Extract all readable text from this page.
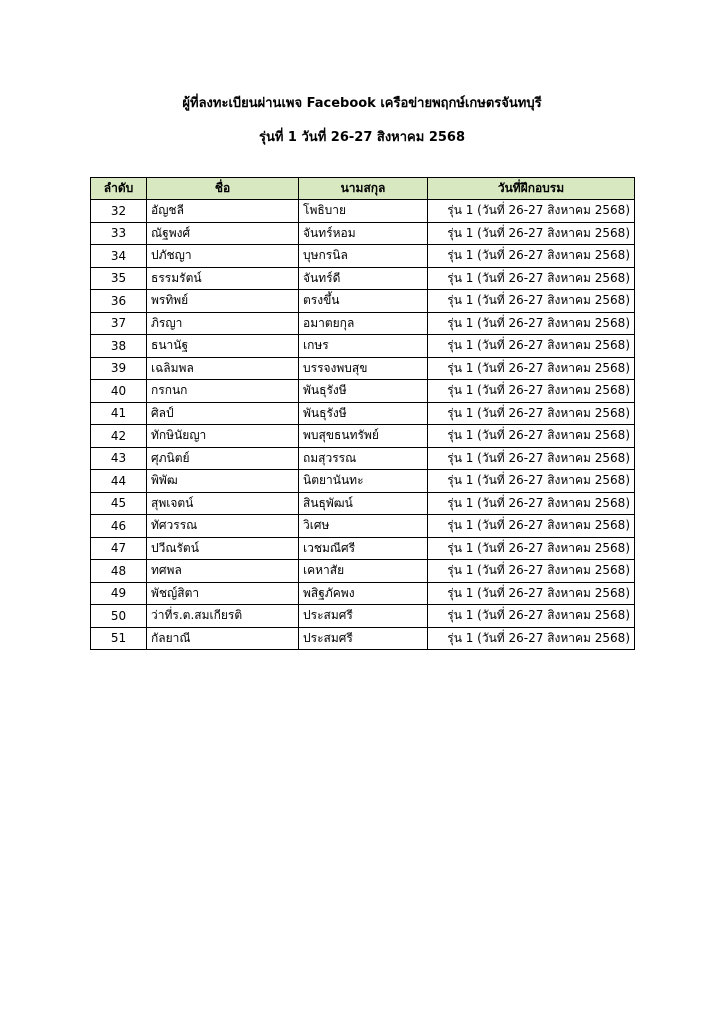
ผู้ที่ลงทะเบียนผ่านเพจ Facebook เครือข่ายพฤกษ์เกษตรจันทบุรี
รุ่นที่ 1 วันที่ 26-27 สิงหาคม 2568
ลำดับ	ชื่อ	นามสกุล	วันที่ฝึกอบรม
32	อัญชลี	โพธิบาย	รุ่น 1 (วันที่ 26-27 สิงหาคม 2568)
33	ณัฐพงศ์	จันทร์หอม	รุ่น 1 (วันที่ 26-27 สิงหาคม 2568)
34	ปภัชญา	บุษกรนิล	รุ่น 1 (วันที่ 26-27 สิงหาคม 2568)
35	ธรรมรัตน์	จันทร์ดี	รุ่น 1 (วันที่ 26-27 สิงหาคม 2568)
36	พรทิพย์	ตรงขึ้น	รุ่น 1 (วันที่ 26-27 สิงหาคม 2568)
37	ภิรญา	อมาตยกุล	รุ่น 1 (วันที่ 26-27 สิงหาคม 2568)
38	ธนานัฐ	เกษร	รุ่น 1 (วันที่ 26-27 สิงหาคม 2568)
39	เฉลิมพล	บรรจงพบสุข	รุ่น 1 (วันที่ 26-27 สิงหาคม 2568)
40	กรกนก	พันธุรังษี	รุ่น 1 (วันที่ 26-27 สิงหาคม 2568)
41	ศิลป์	พันธุรังษี	รุ่น 1 (วันที่ 26-27 สิงหาคม 2568)
42	ทักษินัยญา	พบสุขธนทรัพย์	รุ่น 1 (วันที่ 26-27 สิงหาคม 2568)
43	ศุภนิตย์	ถมสุวรรณ	รุ่น 1 (วันที่ 26-27 สิงหาคม 2568)
44	พิพัฒ	นิตยานันทะ	รุ่น 1 (วันที่ 26-27 สิงหาคม 2568)
45	สุพเจตน์	สินธุพัฒน์	รุ่น 1 (วันที่ 26-27 สิงหาคม 2568)
46	ทัศวรรณ	วิเศษ	รุ่น 1 (วันที่ 26-27 สิงหาคม 2568)
47	ปวีณรัตน์	เวชมณีศรี	รุ่น 1 (วันที่ 26-27 สิงหาคม 2568)
48	ทศพล	เคหาสัย	รุ่น 1 (วันที่ 26-27 สิงหาคม 2568)
49	พัชญ์สิตา	พสิฐภัคพง	รุ่น 1 (วันที่ 26-27 สิงหาคม 2568)
50	ว่าที่ร.ต.สมเกียรติ	ประสมศรี	รุ่น 1 (วันที่ 26-27 สิงหาคม 2568)
51	กัลยาณี	ประสมศรี	รุ่น 1 (วันที่ 26-27 สิงหาคม 2568)
